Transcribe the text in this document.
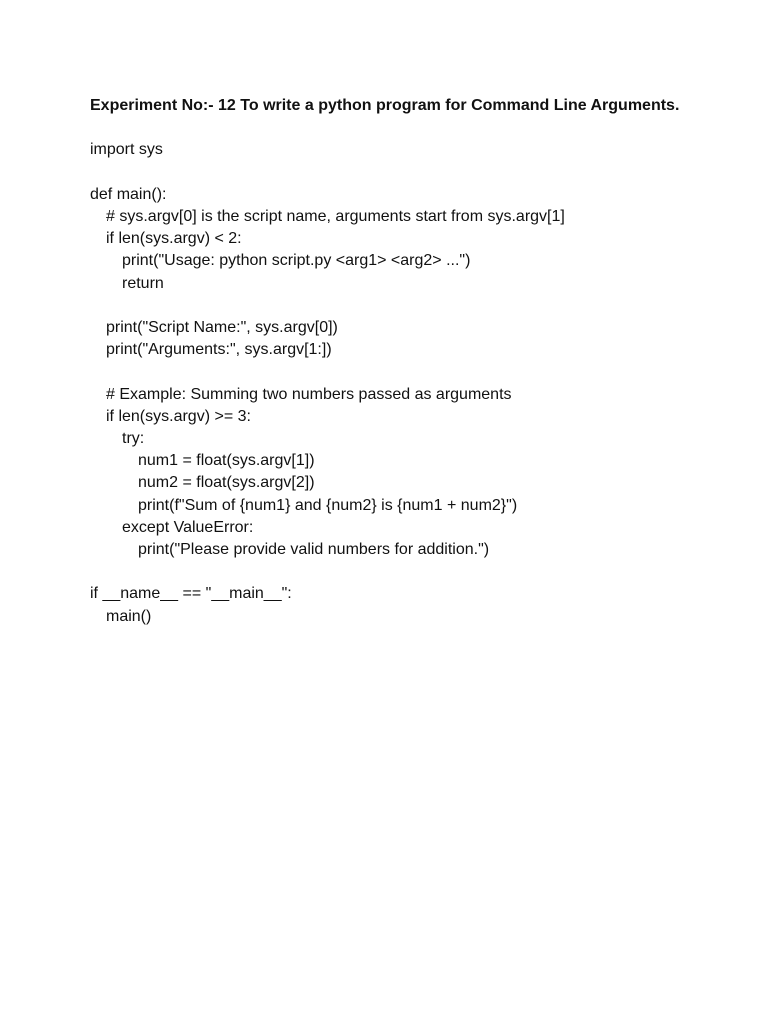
Experiment No:- 12 To write a python program for Command Line Arguments.
import sys
def main():
# sys.argv[0] is the script name, arguments start from sys.argv[1]
if len(sys.argv) < 2:
print("Usage: python script.py <arg1> <arg2> ...")
return
print("Script Name:", sys.argv[0])
print("Arguments:", sys.argv[1:])
# Example: Summing two numbers passed as arguments
if len(sys.argv) >= 3:
try:
num1 = float(sys.argv[1])
num2 = float(sys.argv[2])
print(f"Sum of {num1} and {num2} is {num1 + num2}")
except ValueError:
print("Please provide valid numbers for addition.")
if __name__ == "__main__":
main()
